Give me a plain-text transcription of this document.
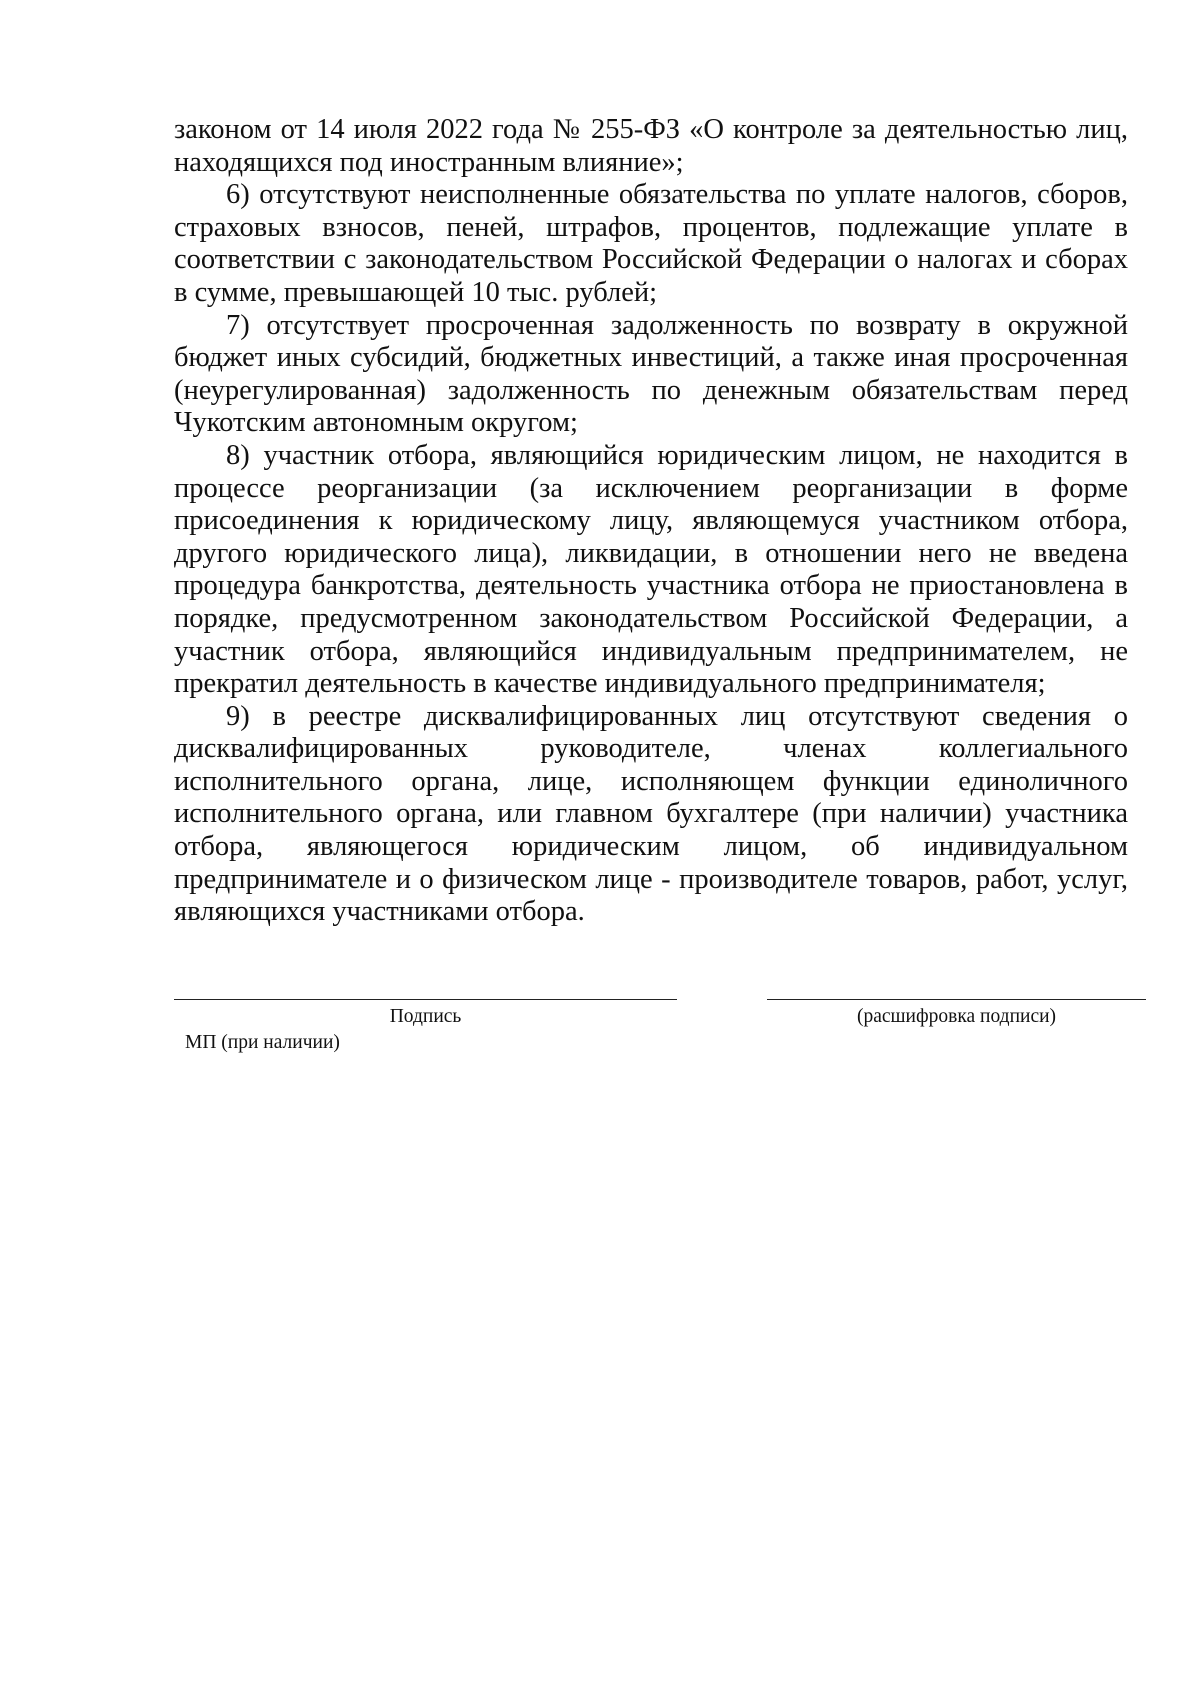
законом от 14 июля 2022 года № 255-ФЗ «О контроле за деятельностью лиц, находящихся под иностранным влияние»;

6) отсутствуют неисполненные обязательства по уплате налогов, сборов, страховых взносов, пеней, штрафов, процентов, подлежащие уплате в соответствии с законодательством Российской Федерации о налогах и сборах в сумме, превышающей 10 тыс. рублей;

7) отсутствует просроченная задолженность по возврату в окружной бюджет иных субсидий, бюджетных инвестиций, а также иная просроченная (неурегулированная) задолженность по денежным обязательствам перед Чукотским автономным округом;

8) участник отбора, являющийся юридическим лицом, не находится в процессе реорганизации (за исключением реорганизации в форме присоединения к юридическому лицу, являющемуся участником отбора, другого юридического лица), ликвидации, в отношении него не введена процедура банкротства, деятельность участника отбора не приостановлена в порядке, предусмотренном законодательством Российской Федерации, а участник отбора, являющийся индивидуальным предпринимателем, не прекратил деятельность в качестве индивидуального предпринимателя;

9) в реестре дисквалифицированных лиц отсутствуют сведения о дисквалифицированных руководителе, членах коллегиального исполнительного органа, лице, исполняющем функции единоличного исполнительного органа, или главном бухгалтере (при наличии) участника отбора, являющегося юридическим лицом, об индивидуальном предпринимателе и о физическом лице - производителе товаров, работ, услуг, являющихся участниками отбора.

Подпись	(расшифровка подписи)
МП (при наличии)
